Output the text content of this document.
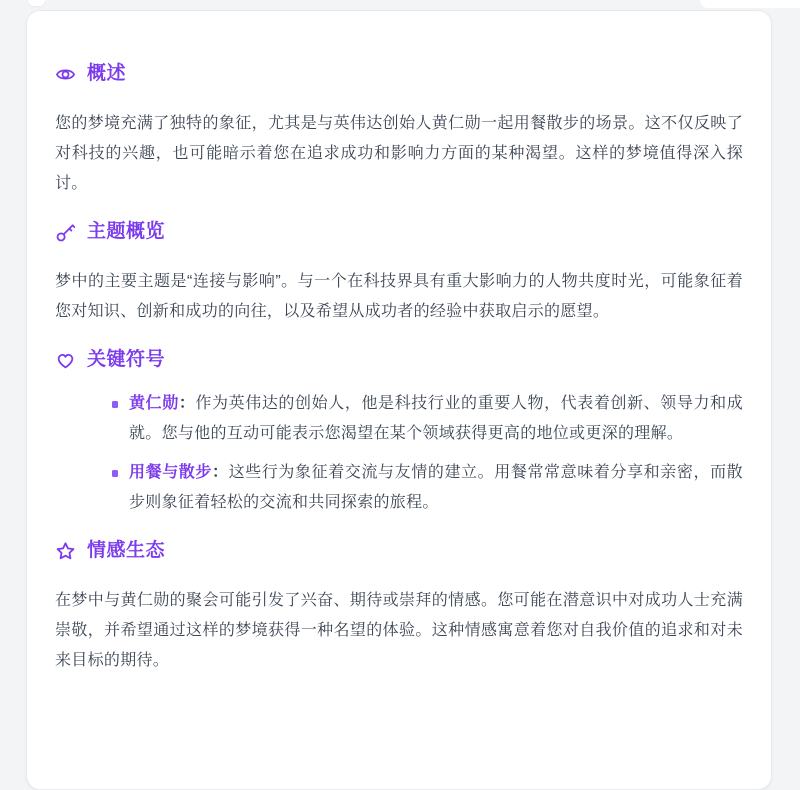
概述

您的梦境充满了独特的象征，尤其是与英伟达创始人黄仁勋一起用餐散步的场景。这不仅反映了对科技的兴趣，也可能暗示着您在追求成功和影响力方面的某种渴望。这样的梦境值得深入探讨。

主题概览

梦中的主要主题是“连接与影响”。与一个在科技界具有重大影响力的人物共度时光，可能象征着您对知识、创新和成功的向往，以及希望从成功者的经验中获取启示的愿望。

关键符号
黄仁勋：作为英伟达的创始人，他是科技行业的重要人物，代表着创新、领导力和成就。您与他的互动可能表示您渴望在某个领域获得更高的地位或更深的理解。
用餐与散步：这些行为象征着交流与友情的建立。用餐常常意味着分享和亲密，而散步则象征着轻松的交流和共同探索的旅程。
情感生态

在梦中与黄仁勋的聚会可能引发了兴奋、期待或崇拜的情感。您可能在潜意识中对成功人士充满崇敬，并希望通过这样的梦境获得一种名望的体验。这种情感寓意着您对自我价值的追求和对未来目标的期待。
